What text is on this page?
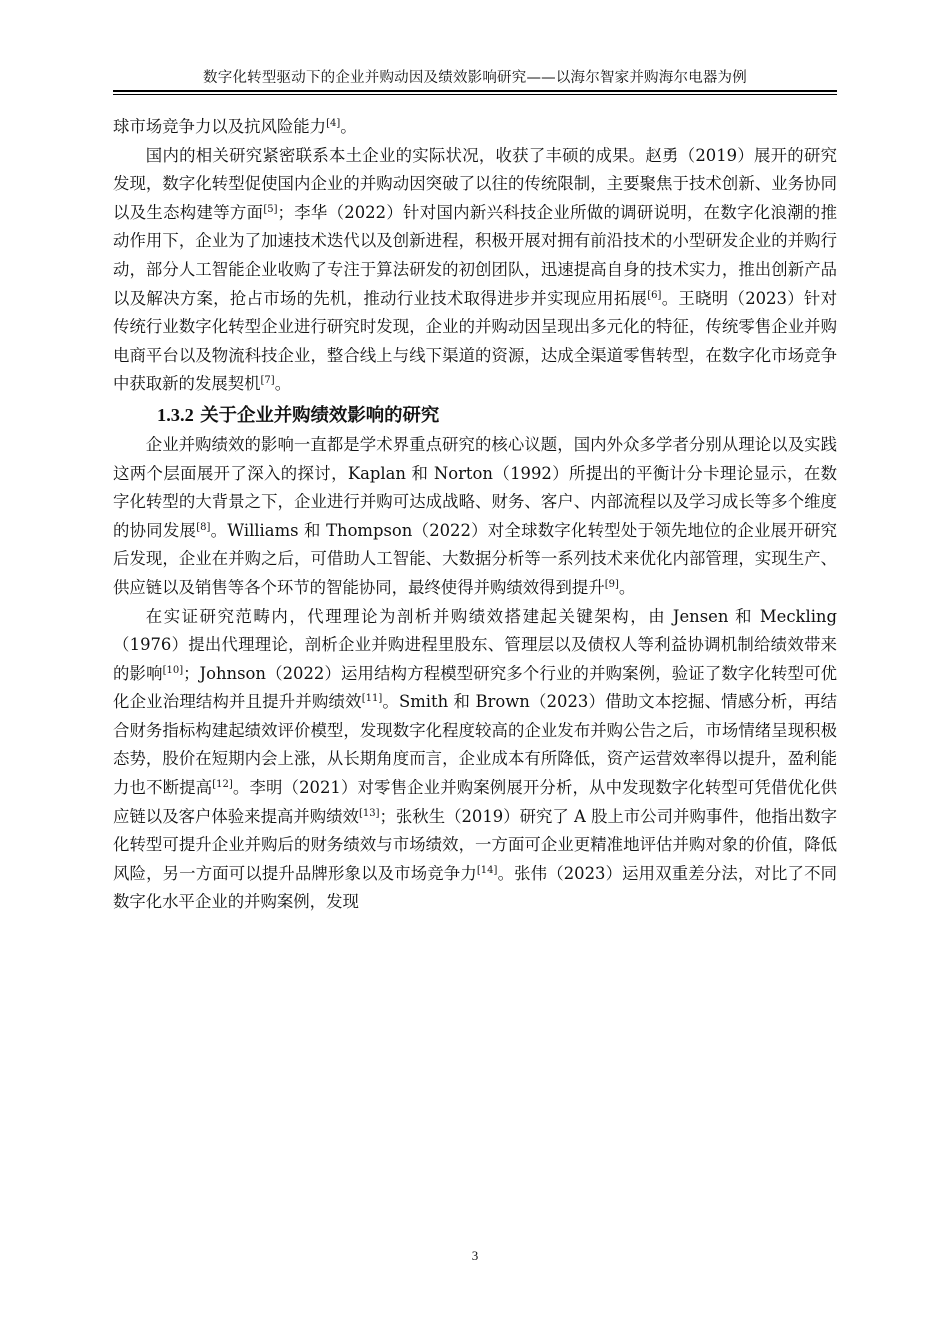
数字化转型驱动下的企业并购动因及绩效影响研究——以海尔智家并购海尔电器为例

球市场竞争力以及抗风险能力[4]。

国内的相关研究紧密联系本土企业的实际状况，收获了丰硕的成果。赵勇（2019）展开的研究发现，数字化转型促使国内企业的并购动因突破了以往的传统限制，主要聚焦于技术创新、业务协同以及生态构建等方面[5]；李华（2022）针对国内新兴科技企业所做的调研说明，在数字化浪潮的推动作用下，企业为了加速技术迭代以及创新进程，积极开展对拥有前沿技术的小型研发企业的并购行动，部分人工智能企业收购了专注于算法研发的初创团队，迅速提高自身的技术实力，推出创新产品以及解决方案，抢占市场的先机，推动行业技术取得进步并实现应用拓展[6]。王晓明（2023）针对传统行业数字化转型企业进行研究时发现，企业的并购动因呈现出多元化的特征，传统零售企业并购电商平台以及物流科技企业，整合线上与线下渠道的资源，达成全渠道零售转型，在数字化市场竞争中获取新的发展契机[7]。

1.3.2 关于企业并购绩效影响的研究

企业并购绩效的影响一直都是学术界重点研究的核心议题，国内外众多学者分别从理论以及实践这两个层面展开了深入的探讨，Kaplan 和 Norton（1992）所提出的平衡计分卡理论显示，在数字化转型的大背景之下，企业进行并购可达成战略、财务、客户、内部流程以及学习成长等多个维度的协同发展[8]。Williams 和 Thompson（2022）对全球数字化转型处于领先地位的企业展开研究后发现，企业在并购之后，可借助人工智能、大数据分析等一系列技术来优化内部管理，实现生产、供应链以及销售等各个环节的智能协同，最终使得并购绩效得到提升[9]。

在实证研究范畴内，代理理论为剖析并购绩效搭建起关键架构，由 Jensen 和 Meckling（1976）提出代理理论，剖析企业并购进程里股东、管理层以及债权人等利益协调机制给绩效带来的影响[10]；Johnson（2022）运用结构方程模型研究多个行业的并购案例，验证了数字化转型可优化企业治理结构并且提升并购绩效[11]。Smith 和 Brown（2023）借助文本挖掘、情感分析，再结合财务指标构建起绩效评价模型，发现数字化程度较高的企业发布并购公告之后，市场情绪呈现积极态势，股价在短期内会上涨，从长期角度而言，企业成本有所降低，资产运营效率得以提升，盈利能力也不断提高[12]。李明（2021）对零售企业并购案例展开分析，从中发现数字化转型可凭借优化供应链以及客户体验来提高并购绩效[13]；张秋生（2019）研究了 A 股上市公司并购事件，他指出数字化转型可提升企业并购后的财务绩效与市场绩效，一方面可企业更精准地评估并购对象的价值，降低风险，另一方面可以提升品牌形象以及市场竞争力[14]。张伟（2023）运用双重差分法，对比了不同数字化水平企业的并购案例，发现

3
